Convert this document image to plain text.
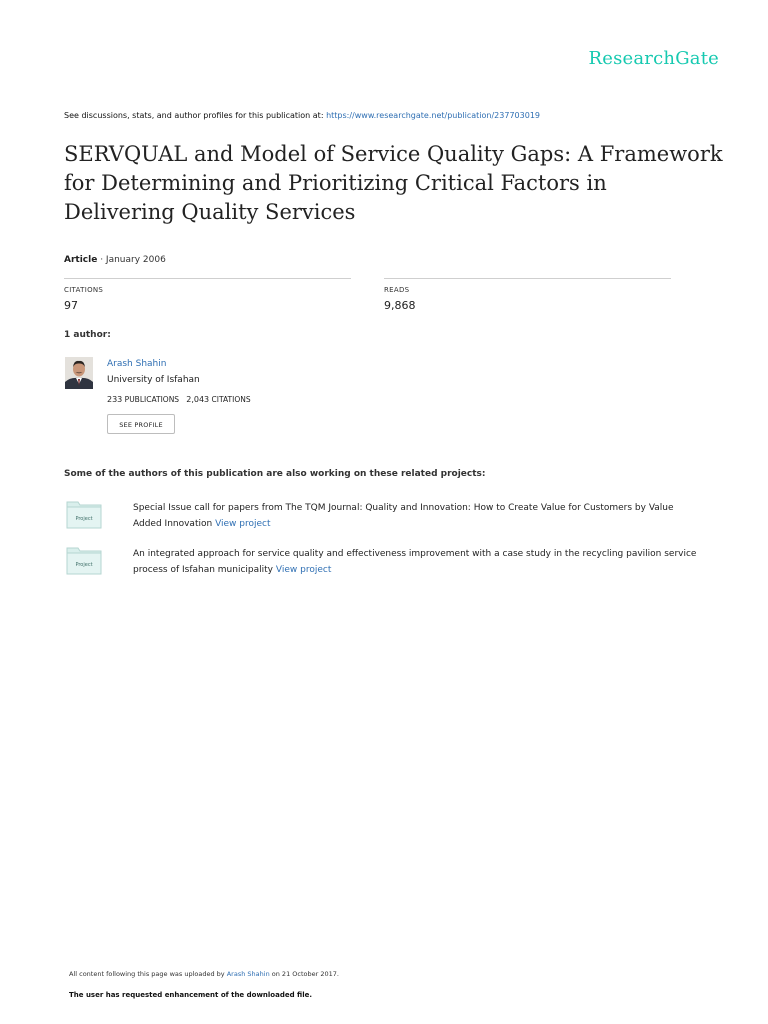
ResearchGate
See discussions, stats, and author profiles for this publication at: https://www.researchgate.net/publication/237703019
SERVQUAL and Model of Service Quality Gaps: A Framework for Determining and Prioritizing Critical Factors in Delivering Quality Services
Article · January 2006
CITATIONS
97
READS
9,868
1 author:
Arash Shahin
University of Isfahan
233 PUBLICATIONS 2,043 CITATIONS
SEE PROFILE
Some of the authors of this publication are also working on these related projects:
Project
Special Issue call for papers from The TQM Journal: Quality and Innovation: How to Create Value for Customers by Value Added Innovation View project
Project
An integrated approach for service quality and effectiveness improvement with a case study in the recycling pavilion service process of Isfahan municipality View project
All content following this page was uploaded by Arash Shahin on 21 October 2017.
The user has requested enhancement of the downloaded file.
